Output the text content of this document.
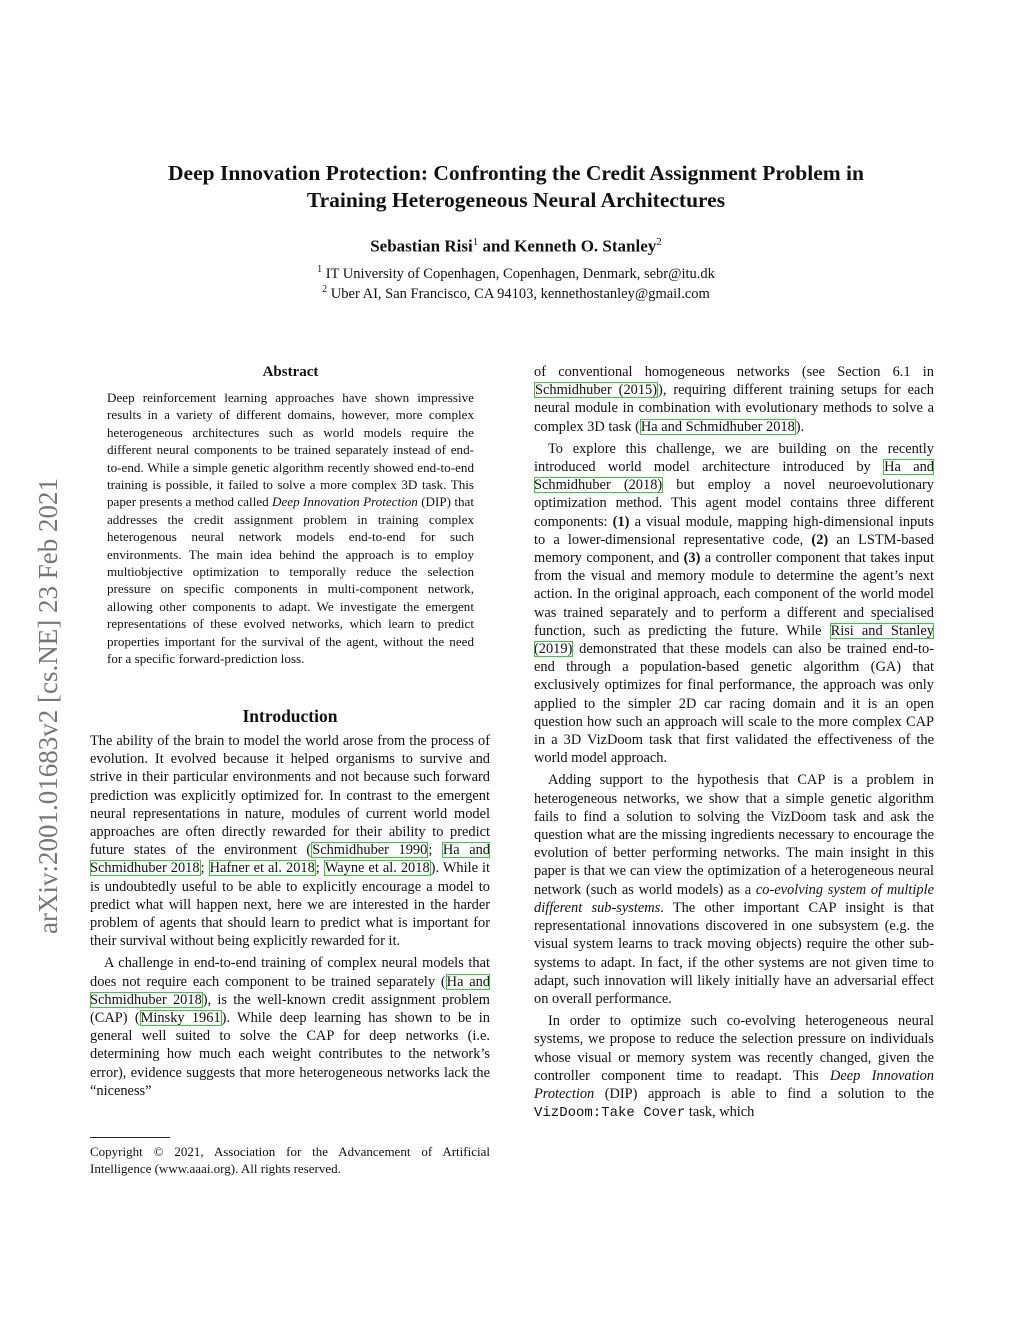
Deep Innovation Protection: Confronting the Credit Assignment Problem in
Training Heterogeneous Neural Architectures
Sebastian Risi$^1$ and Kenneth O. Stanley$^2$
$^1$ IT University of Copenhagen, Copenhagen, Denmark, sebr@itu.dk
$^2$ Uber AI, San Francisco, CA 94103, kennethostanley@gmail.com
arXiv:2001.01683v2 [cs.NE] 23 Feb 2021
Abstract

Deep reinforcement learning approaches have shown impressive results in a variety of different domains, however, more complex heterogeneous architectures such as world models require the different neural components to be trained separately instead of end-to-end. While a simple genetic algorithm recently showed end-to-end training is possible, it failed to solve a more complex 3D task. This paper presents a method called Deep Innovation Protection (DIP) that addresses the credit assignment problem in training complex heterogenous neural network models end-to-end for such environments. The main idea behind the approach is to employ multiobjective optimization to temporally reduce the selection pressure on specific components in multi-component network, allowing other components to adapt. We investigate the emergent representations of these evolved networks, which learn to predict properties important for the survival of the agent, without the need for a specific forward-prediction loss.

Introduction

The ability of the brain to model the world arose from the process of evolution. It evolved because it helped organisms to survive and strive in their particular environments and not because such forward prediction was explicitly optimized for. In contrast to the emergent neural representations in nature, modules of current world model approaches are often directly rewarded for their ability to predict future states of the environment (Schmidhuber 1990; Ha and Schmidhuber 2018; Hafner et al. 2018; Wayne et al. 2018). While it is undoubtedly useful to be able to explicitly encourage a model to predict what will happen next, here we are interested in the harder problem of agents that should learn to predict what is important for their survival without being explicitly rewarded for it.

A challenge in end-to-end training of complex neural models that does not require each component to be trained separately (Ha and Schmidhuber 2018), is the well-known credit assignment problem (CAP) (Minsky 1961). While deep learning has shown to be in general well suited to solve the CAP for deep networks (i.e. determining how much each weight contributes to the network’s error), evidence suggests that more heterogeneous networks lack the “niceness”

Copyright © 2021, Association for the Advancement of Artificial Intelligence (www.aaai.org). All rights reserved.

of conventional homogeneous networks (see Section 6.1 in Schmidhuber (2015)), requiring different training setups for each neural module in combination with evolutionary methods to solve a complex 3D task (Ha and Schmidhuber 2018).

To explore this challenge, we are building on the recently introduced world model architecture introduced by Ha and Schmidhuber (2018) but employ a novel neuroevolutionary optimization method. This agent model contains three different components: (1) a visual module, mapping high-dimensional inputs to a lower-dimensional representative code, (2) an LSTM-based memory component, and (3) a controller component that takes input from the visual and memory module to determine the agent’s next action. In the original approach, each component of the world model was trained separately and to perform a different and specialised function, such as predicting the future. While Risi and Stanley (2019) demonstrated that these models can also be trained end-to-end through a population-based genetic algorithm (GA) that exclusively optimizes for final performance, the approach was only applied to the simpler 2D car racing domain and it is an open question how such an approach will scale to the more complex CAP in a 3D VizDoom task that first validated the effectiveness of the world model approach.

Adding support to the hypothesis that CAP is a problem in heterogeneous networks, we show that a simple genetic algorithm fails to find a solution to solving the VizDoom task and ask the question what are the missing ingredients necessary to encourage the evolution of better performing networks. The main insight in this paper is that we can view the optimization of a heterogeneous neural network (such as world models) as a co-evolving system of multiple different sub-systems. The other important CAP insight is that representational innovations discovered in one subsystem (e.g. the visual system learns to track moving objects) require the other sub-systems to adapt. In fact, if the other systems are not given time to adapt, such innovation will likely initially have an adversarial effect on overall performance.

In order to optimize such co-evolving heterogeneous neural systems, we propose to reduce the selection pressure on individuals whose visual or memory system was recently changed, given the controller component time to readapt. This Deep Innovation Protection (DIP) approach is able to find a solution to the VizDoom:Take Cover task, which
